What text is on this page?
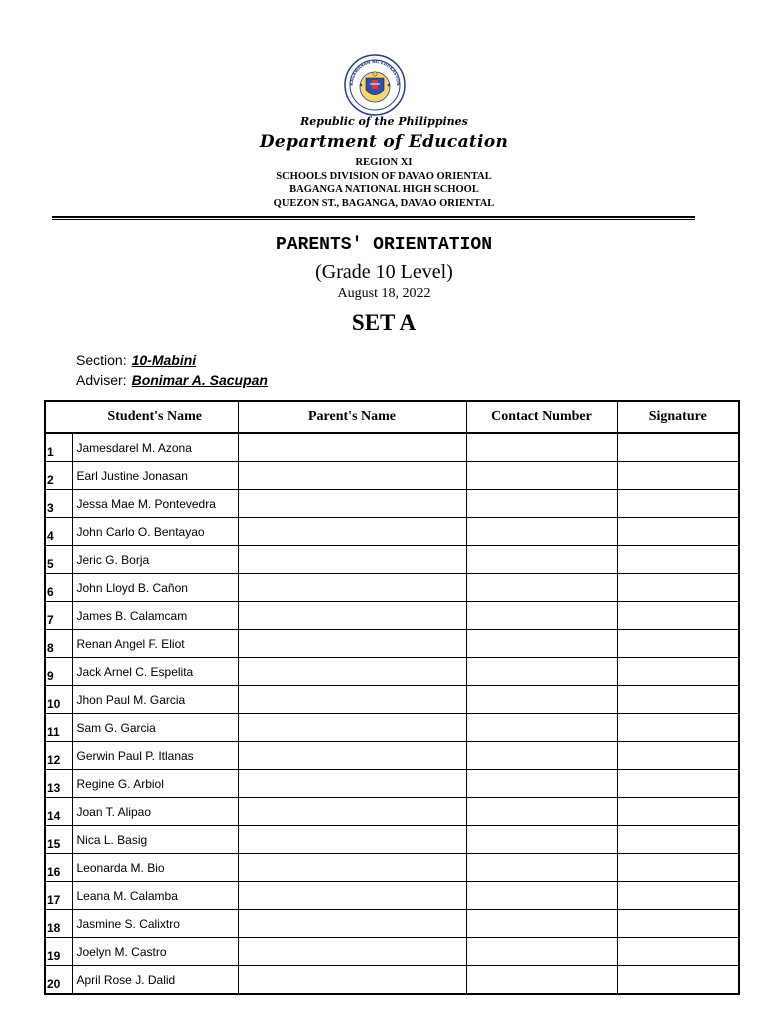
KAGAWARAN NG EDUKASYON
Republic of the Philippines
Department of Education
REGION XI
SCHOOLS DIVISION OF DAVAO ORIENTAL
BAGANGA NATIONAL HIGH SCHOOL
QUEZON ST., BAGANGA, DAVAO ORIENTAL
PARENTS' ORIENTATION
(Grade 10 Level)
August 18, 2022
SET A
Section: 10-Mabini
Adviser: Bonimar A. Sacupan
	Student's Name	Parent's Name	Contact Number	Signature
1	Jamesdarel M. Azona			
2	Earl Justine Jonasan			
3	Jessa Mae M. Pontevedra			
4	John Carlo O. Bentayao			
5	Jeric G. Borja			
6	John Lloyd B. Cañon			
7	James B. Calamcam			
8	Renan Angel F. Eliot			
9	Jack Arnel C. Espelita			
10	Jhon Paul M. Garcia			
11	Sam G. Garcia			
12	Gerwin Paul P. Itlanas			
13	Regine G. Arbiol			
14	Joan T. Alipao			
15	Nica L. Basig			
16	Leonarda M. Bio			
17	Leana M. Calamba			
18	Jasmine S. Calixtro			
19	Joelyn M. Castro			
20	April Rose J. Dalid			
